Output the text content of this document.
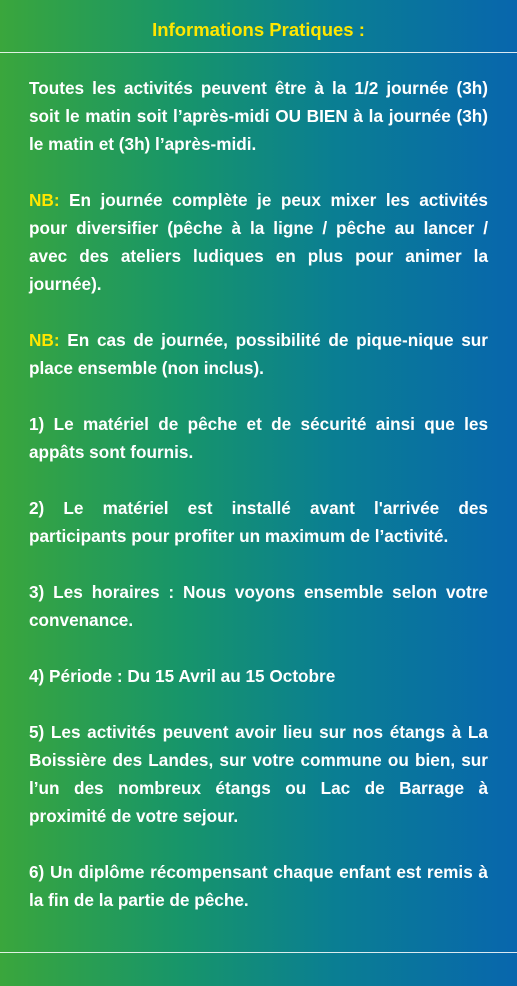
Informations Pratiques :

Toutes les activités peuvent être à la 1/2 journée (3h) soit le matin soit l’après-midi OU BIEN à la journée (3h) le matin et (3h) l’après-midi.

NB: En journée complète je peux mixer les activités pour diversifier (pêche à la ligne / pêche au lancer / avec des ateliers ludiques en plus pour animer la journée).

NB: En cas de journée, possibilité de pique-nique sur place ensemble (non inclus).

1) Le matériel de pêche et de sécurité ainsi que les appâts sont fournis.

2) Le matériel est installé avant l'arrivée des participants pour profiter un maximum de l’activité.

3) Les horaires : Nous voyons ensemble selon votre convenance.

4) Période : Du 15 Avril au 15 Octobre

5) Les activités peuvent avoir lieu sur nos étangs à La Boissière des Landes, sur votre commune ou bien, sur l’un des nombreux étangs ou Lac de Barrage à proximité de votre sejour.

6) Un diplôme récompensant chaque enfant est remis à la fin de la partie de pêche.
